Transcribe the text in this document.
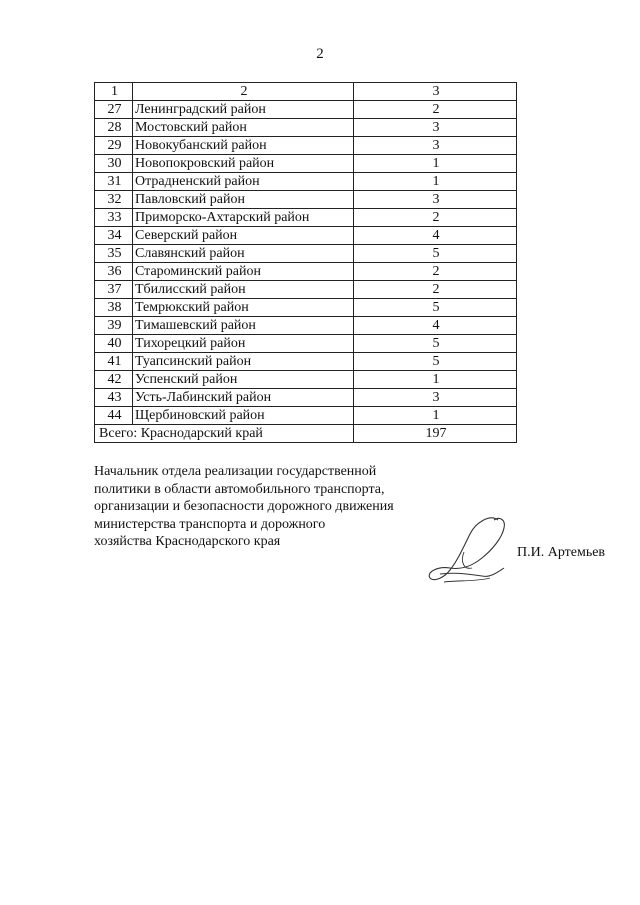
2
1	2	3
27	Ленинградский район	2
28	Мостовский район	3
29	Новокубанский район	3
30	Новопокровский район	1
31	Отрадненский район	1
32	Павловский район	3
33	Приморско-Ахтарский район	2
34	Северский район	4
35	Славянский район	5
36	Староминский район	2
37	Тбилисский район	2
38	Темрюкский район	5
39	Тимашевский район	4
40	Тихорецкий район	5
41	Туапсинский район	5
42	Успенский район	1
43	Усть-Лабинский район	3
44	Щербиновский район	1
Всего: Краснодарский край		197
Начальник отдела реализации государственной
политики в области автомобильного транспорта,
организации и безопасности дорожного движения
министерства транспорта и дорожного
хозяйства Краснодарского края
П.И. Артемьев
